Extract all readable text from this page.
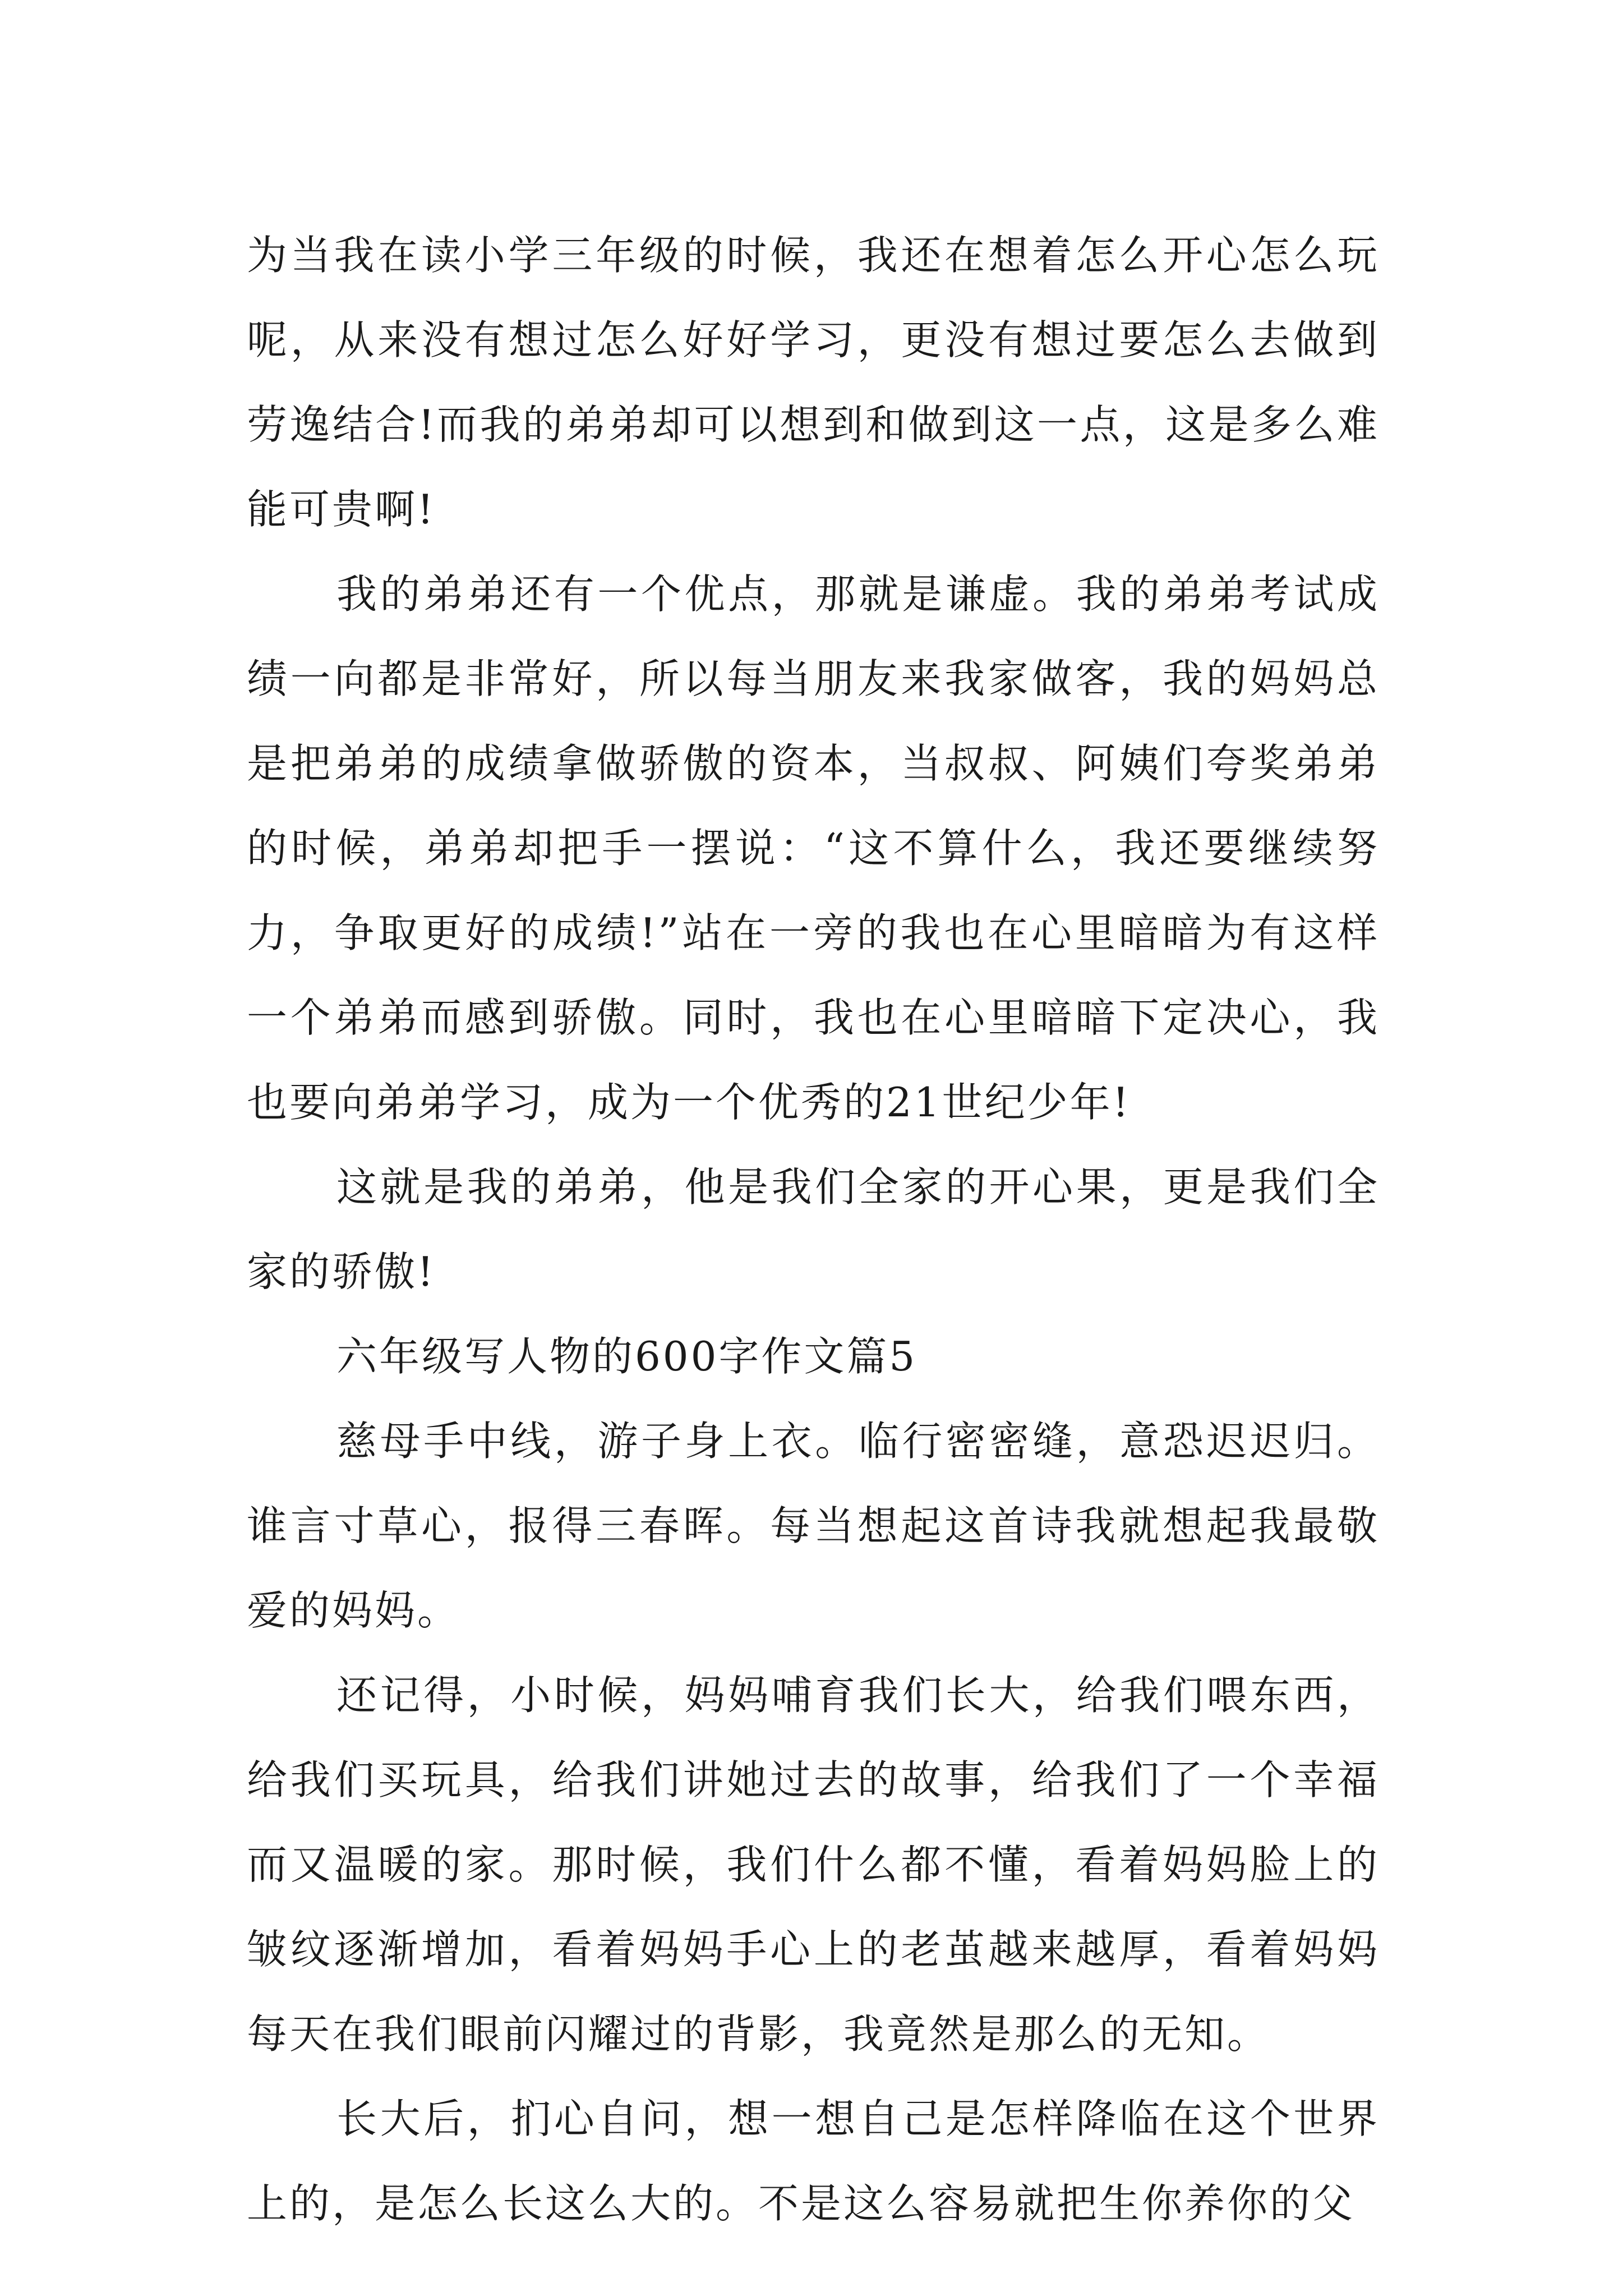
为当我在读小学三年级的时候，我还在想着怎么开心怎么玩呢，从来没有想过怎么好好学习，更没有想过要怎么去做到劳逸结合!而我的弟弟却可以想到和做到这一点，这是多么难能可贵啊!

我的弟弟还有一个优点，那就是谦虚。我的弟弟考试成绩一向都是非常好，所以每当朋友来我家做客，我的妈妈总是把弟弟的成绩拿做骄傲的资本，当叔叔、阿姨们夸奖弟弟的时候，弟弟却把手一摆说：“这不算什么，我还要继续努力，争取更好的成绩!”站在一旁的我也在心里暗暗为有这样一个弟弟而感到骄傲。同时，我也在心里暗暗下定决心，我也要向弟弟学习，成为一个优秀的21世纪少年!

这就是我的弟弟，他是我们全家的开心果，更是我们全家的骄傲!

六年级写人物的600字作文篇5

慈母手中线，游子身上衣。临行密密缝，意恐迟迟归。谁言寸草心，报得三春晖。每当想起这首诗我就想起我最敬爱的妈妈。

还记得，小时候，妈妈哺育我们长大，给我们喂东西，给我们买玩具，给我们讲她过去的故事，给我们了一个幸福而又温暖的家。那时候，我们什么都不懂，看着妈妈脸上的皱纹逐渐增加，看着妈妈手心上的老茧越来越厚，看着妈妈每天在我们眼前闪耀过的背影，我竟然是那么的无知。

长大后，扪心自问，想一想自己是怎样降临在这个世界上的，是怎么长这么大的。不是这么容易就把生你养你的父
